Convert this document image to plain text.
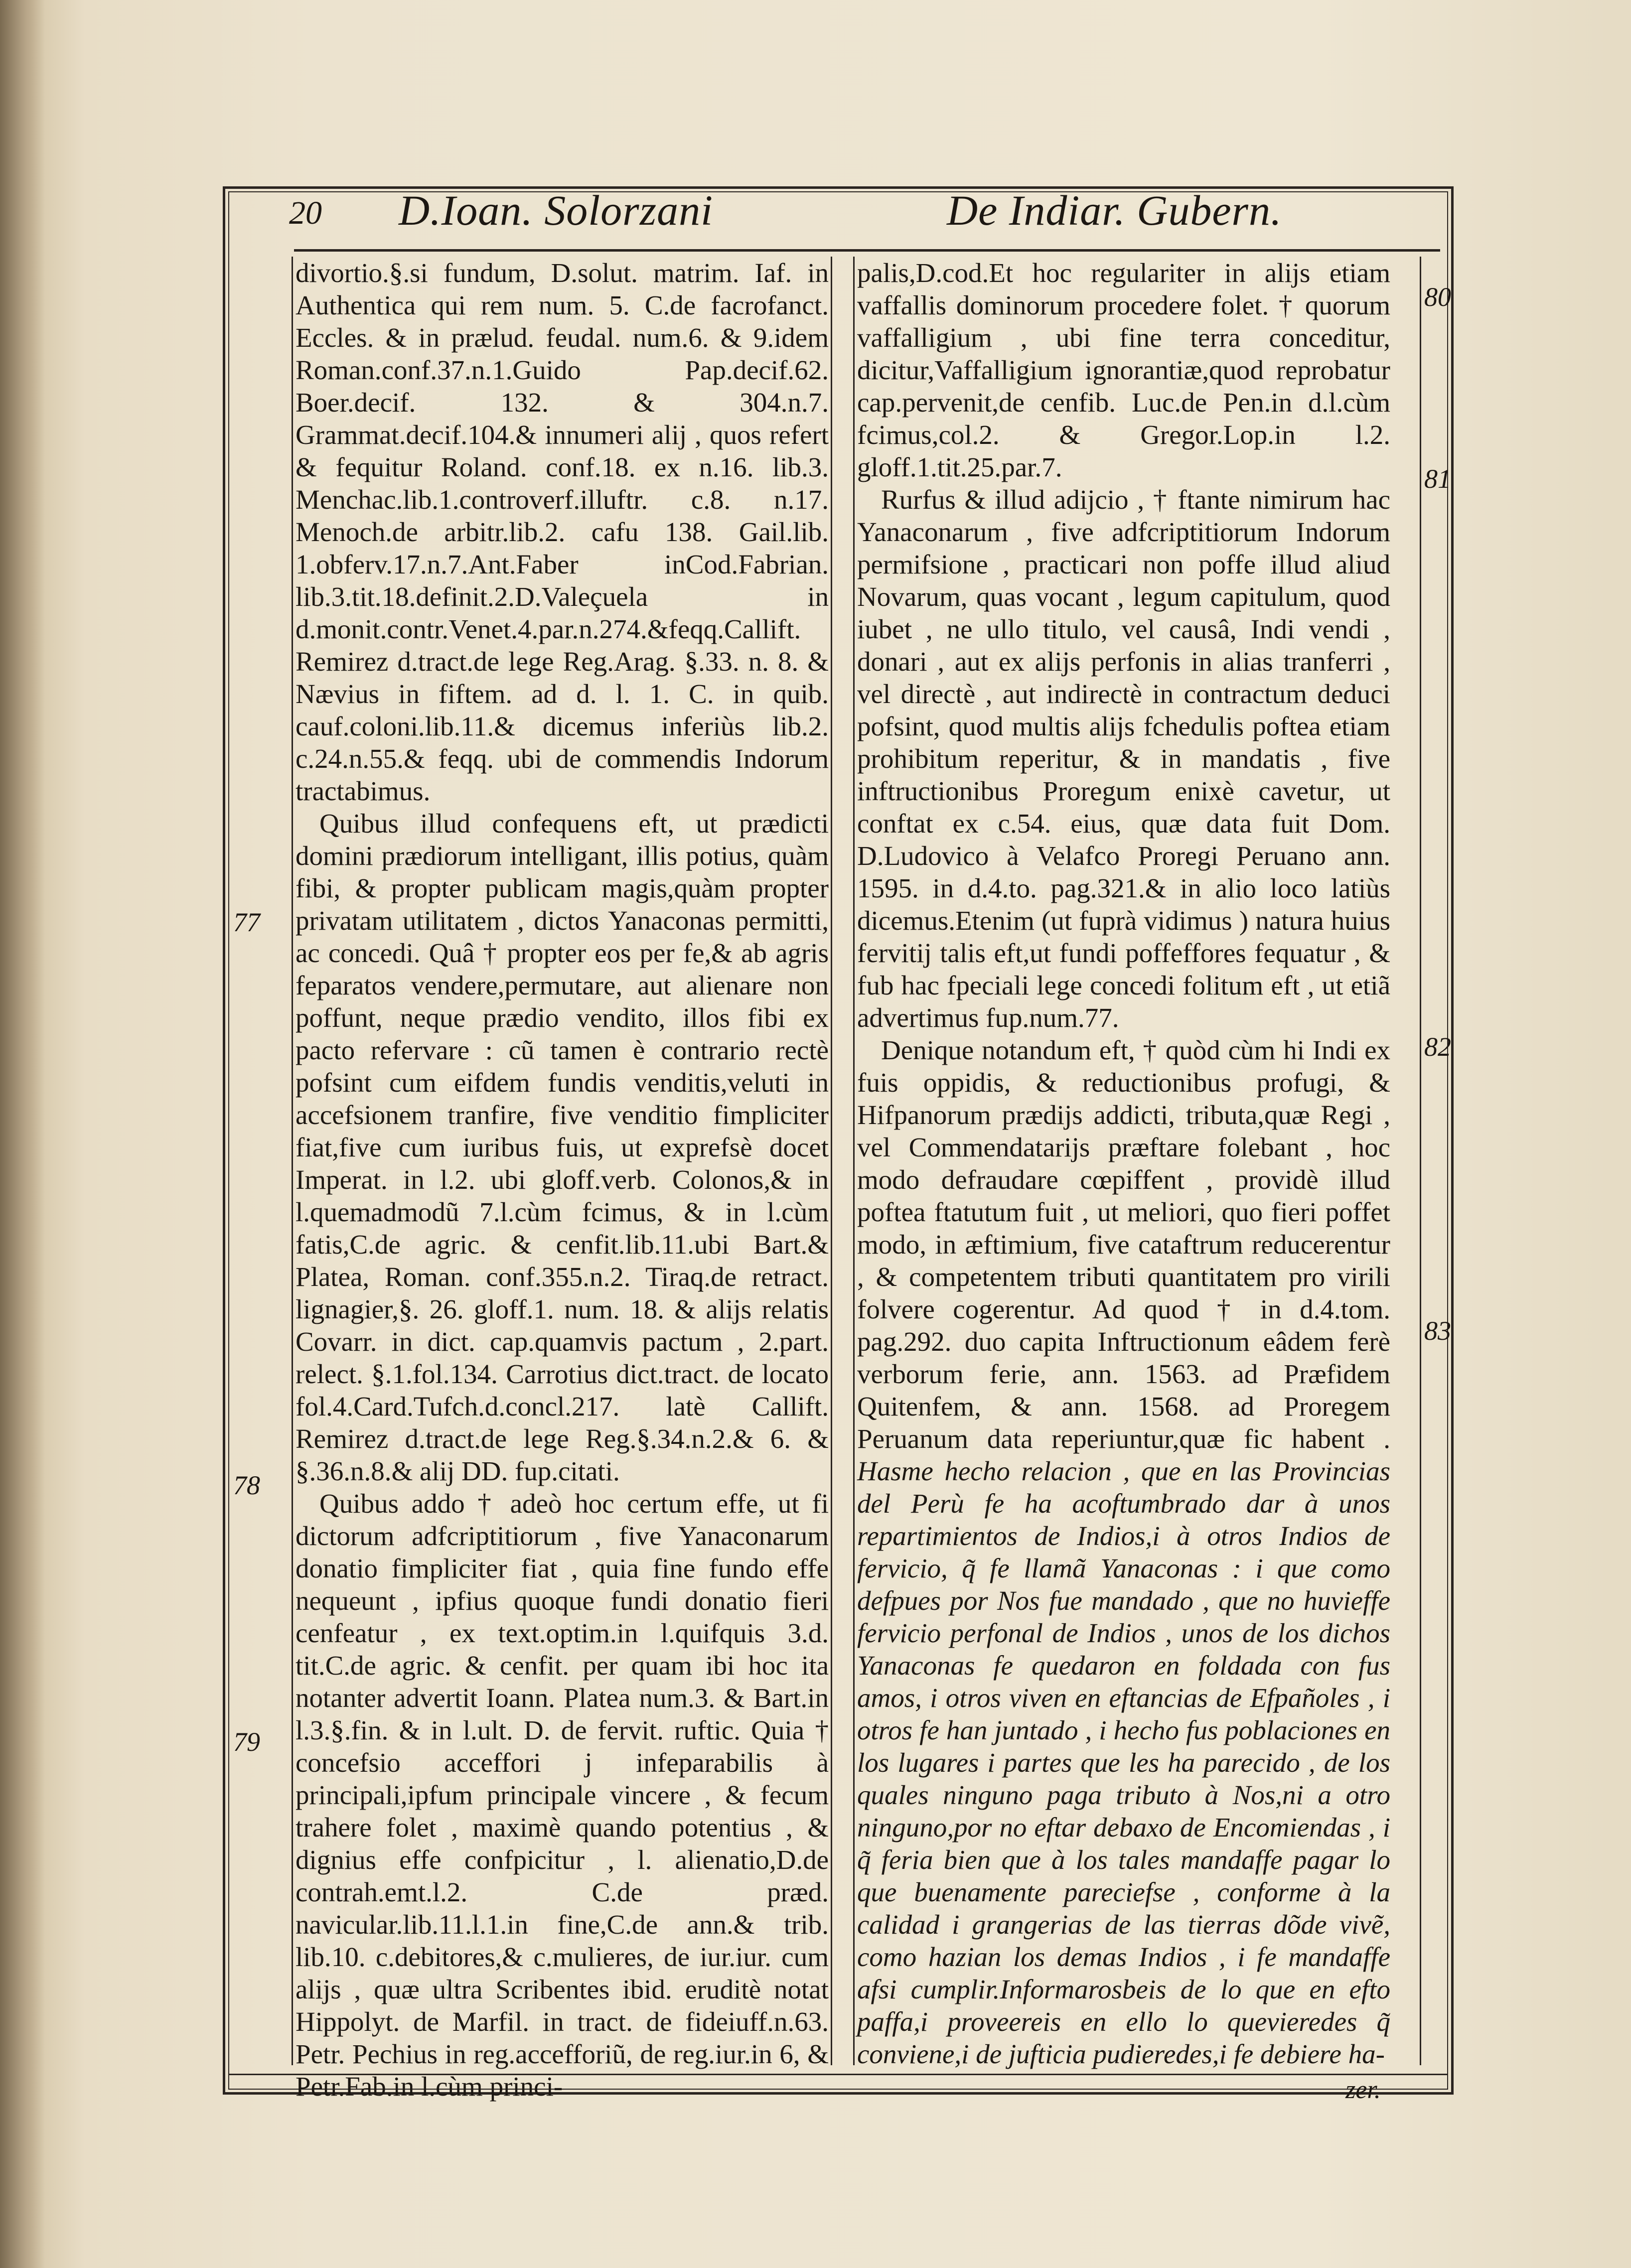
20 D.Ioan. Solorzani	De Indiar. Gubern.

divortio.§.si fundum, D.solut. matrim. Iaf. in Authentica qui rem num. 5. C.de facrofanct. Eccles. & in prælud. feudal. num.6. & 9.idem Roman.conf.37.n.1.Guido Pap.decif.62. Boer.decif. 132. & 304.n.7. Grammat.decif.104.& innumeri alij , quos refert & fequitur Roland. conf.18. ex n.16. lib.3. Menchac.lib.1.controverf.illuftr. c.8. n.17. Menoch.de arbitr.lib.2. cafu 138. Gail.lib. 1.obferv.17.n.7.Ant.Faber inCod.Fabrian. lib.3.tit.18.definit.2.D.Valeçuela in d.monit.contr.Venet.4.par.n.274.&feqq.Callift. Remirez d.tract.de lege Reg.Arag. §.33. n. 8. & Nævius in fiftem. ad d. l. 1. C. in quib. cauf.coloni.lib.11.& dicemus inferiùs lib.2. c.24.n.55.& feqq. ubi de commendis Indorum tractabimus.

Quibus illud confequens eft, ut prædicti domini prædiorum intelligant, illis potius, quàm fibi, & propter publicam magis,quàm propter privatam utilitatem , dictos Yanaconas permitti, ac concedi. Quâ † propter eos per fe,& ab agris feparatos vendere,permutare, aut alienare non poffunt, neque prædio vendito, illos fibi ex pacto refervare : cũ tamen è contrario rectè pofsint cum eifdem fundis venditis,veluti in accefsionem tranfire, five venditio fimpliciter fiat,five cum iuribus fuis, ut exprefsè docet Imperat. in l.2. ubi gloff.verb. Colonos,& in l.quemadmodũ 7.l.cùm fcimus, & in l.cùm fatis,C.de agric. & cenfit.lib.11.ubi Bart.& Platea, Roman. conf.355.n.2. Tiraq.de retract. lignagier,§. 26. gloff.1. num. 18. & alijs relatis Covarr. in dict. cap.quamvis pactum , 2.part. relect. §.1.fol.134. Carrotius dict.tract. de locato fol.4.Card.Tufch.d.concl.217. latè Callift. Remirez d.tract.de lege Reg.§.34.n.2.& 6. & §.36.n.8.& alij DD. fup.citati.

Quibus addo † adeò hoc certum effe, ut fi dictorum adfcriptitiorum , five Yanaconarum donatio fimpliciter fiat , quia fine fundo effe nequeunt , ipfius quoque fundi donatio fieri cenfeatur , ex text.optim.in l.quifquis 3.d. tit.C.de agric. & cenfit. per quam ibi hoc ita notanter advertit Ioann. Platea num.3. & Bart.in l.3.§.fin. & in l.ult. D. de fervit. ruftic. Quia † concefsio acceffori j infeparabilis à principali,ipfum principale vincere , & fecum trahere folet , maximè quando potentius , & dignius effe confpicitur , l. alienatio,D.de contrah.emt.l.2. C.de præd. navicular.lib.11.l.1.in fine,C.de ann.& trib. lib.10. c.debitores,& c.mulieres, de iur.iur. cum alijs , quæ ultra Scribentes ibid. eruditè notat Hippolyt. de Marfil. in tract. de fideiuff.n.63. Petr. Pechius in reg.accefforiũ, de reg.iur.in 6, & Petr.Fab.in l.cùm princi-

palis,D.cod.Et hoc regulariter in alijs etiam vaffallis dominorum procedere folet. † quorum vaffalligium , ubi fine terra conceditur, dicitur,Vaffalligium ignorantiæ,quod reprobatur cap.pervenit,de cenfib. Luc.de Pen.in d.l.cùm fcimus,col.2. & Gregor.Lop.in l.2. gloff.1.tit.25.par.7.

Rurfus & illud adijcio , † ftante nimirum hac Yanaconarum , five adfcriptitiorum Indorum permifsione , practicari non poffe illud aliud Novarum, quas vocant , legum capitulum, quod iubet , ne ullo titulo, vel causâ, Indi vendi , donari , aut ex alijs perfonis in alias tranferri , vel directè , aut indirectè in contractum deduci pofsint, quod multis alijs fchedulis poftea etiam prohibitum reperitur, & in mandatis , five inftructionibus Proregum enixè cavetur, ut conftat ex c.54. eius, quæ data fuit Dom. D.Ludovico à Velafco Proregi Peruano ann. 1595. in d.4.to. pag.321.& in alio loco latiùs dicemus.Etenim (ut fuprà vidimus ) natura huius fervitij talis eft,ut fundi poffeffores fequatur , & fub hac fpeciali lege concedi folitum eft , ut etiã advertimus fup.num.77.

Denique notandum eft, † quòd cùm hi Indi ex fuis oppidis, & reductionibus profugi, & Hifpanorum prædijs addicti, tributa,quæ Regi , vel Commendatarijs præftare folebant , hoc modo defraudare cœpiffent , providè illud poftea ftatutum fuit , ut meliori, quo fieri poffet modo, in æftimium, five cataftrum reducerentur , & competentem tributi quantitatem pro virili folvere cogerentur. Ad quod † in d.4.tom. pag.292. duo capita Inftructionum eâdem ferè verborum ferie, ann. 1563. ad Præfidem Quitenfem, & ann. 1568. ad Proregem Peruanum data reperiuntur,quæ fic habent . Hasme hecho relacion , que en las Provincias del Perù fe ha acoftumbrado dar à unos repartimientos de Indios,i à otros Indios de fervicio, q̃ fe llamã Yanaconas : i que como defpues por Nos fue mandado , que no huvieffe fervicio perfonal de Indios , unos de los dichos Yanaconas fe quedaron en foldada con fus amos, i otros viven en eftancias de Efpañoles , i otros fe han juntado , i hecho fus poblaciones en los lugares i partes que les ha parecido , de los quales ninguno paga tributo à Nos,ni a otro ninguno,por no eftar debaxo de Encomiendas , i q̃ feria bien que à los tales mandaffe pagar lo que buenamente pareciefse , conforme à la calidad i grangerias de las tierras dõde vivẽ, como hazian los demas Indios , i fe mandaffe afsi cumplir.Informarosbeis de lo que en efto paffa,i proveereis en ello lo quevieredes q̃ conviene,i de jufticia pudieredes,i fe debiere ha-

77
78
79
80
81
82
83
zer.
